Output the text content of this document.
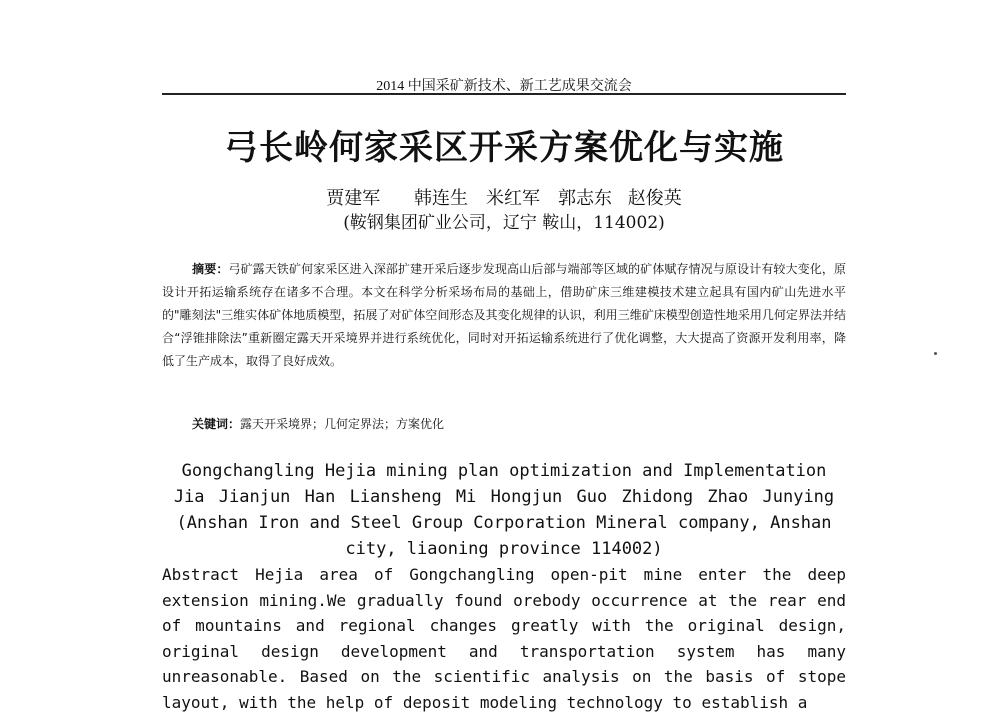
2014 中国采矿新技术、新工艺成果交流会
弓长岭何家采区开采方案优化与实施
贾建军　 韩连生　米红军　郭志东 赵俊英
(鞍钢集团矿业公司，辽宁 鞍山，114002)
摘要：弓矿露天铁矿何家采区进入深部扩建开采后逐步发现高山后部与端部等区域的矿体赋存情况与原设计有较大变化，原设计开拓运输系统存在诸多不合理。本文在科学分析采场布局的基础上，借助矿床三维建模技术建立起具有国内矿山先进水平的"雕刻法"三维实体矿体地质模型，拓展了对矿体空间形态及其变化规律的认识，利用三维矿床模型创造性地采用几何定界法并结合“浮锥排除法”重新圈定露天开采境界并进行系统优化，同时对开拓运输系统进行了优化调整，大大提高了资源开发利用率，降低了生产成本，取得了良好成效。
关键词：露天开采境界；几何定界法；方案优化
Gongchangling Hejia mining plan optimization and Implementation
Jia Jianjun Han Liansheng Mi Hongjun Guo Zhidong Zhao Junying
(Anshan Iron and Steel Group Corporation Mineral company, Anshan city, liaoning province 114002)
Abstract Hejia area of Gongchangling open-pit mine enter the deep extension mining.We gradually found orebody occurrence at the rear end of mountains and regional changes greatly with the original design, original design development and transportation system has many unreasonable. Based on the scientific analysis on the basis of stope layout, with the help of deposit modeling technology to establish a
